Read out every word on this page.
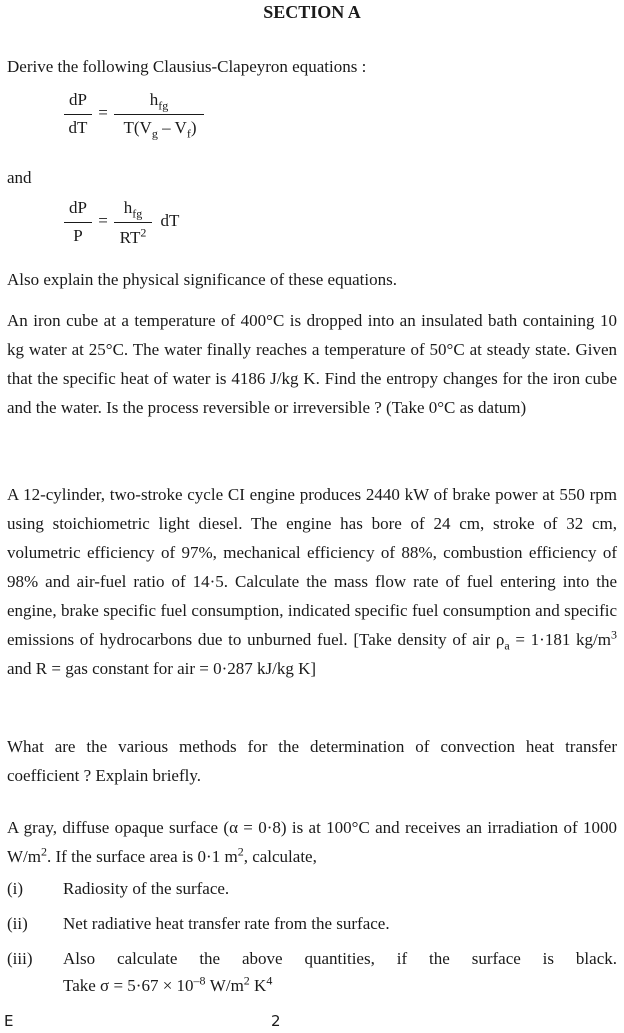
SECTION A

Derive the following Clausius-Clapeyron equations :

dP
dT
=
$h_{fg}$
$T(V_g - V_f)$
and
dP
P
=
$h_{fg}$
$RT^2$
dT

Also explain the physical significance of these equations.

An iron cube at a temperature of 400°C is dropped into an insulated bath containing 10 kg water at 25°C. The water finally reaches a temperature of 50°C at steady state. Given that the specific heat of water is 4186 J/kg K. Find the entropy changes for the iron cube and the water. Is the process reversible or irreversible ? (Take 0°C as datum)

A 12-cylinder, two-stroke cycle CI engine produces 2440 kW of brake power at 550 rpm using stoichiometric light diesel. The engine has bore of 24 cm, stroke of 32 cm, volumetric efficiency of 97%, mechanical efficiency of 88%, combustion efficiency of 98% and air-fuel ratio of 14·5. Calculate the mass flow rate of fuel entering into the engine, brake specific fuel consumption, indicated specific fuel consumption and specific emissions of hydrocarbons due to unburned fuel. [Take density of air $\rho_a = 1\cdot 181$ $kg/m^3$ and R = gas constant for air = 0·287 kJ/kg K]

What are the various methods for the determination of convection heat transfer coefficient ? Explain briefly.

A gray, diffuse opaque surface (α = 0·8) is at 100°C and receives an irradiation of 1000 $W/m^2$. If the surface area is 0·1 $m^2$, calculate,

(i) Radiosity of the surface.
(ii) Net radiative heat transfer rate from the surface.
(iii) Also calculate the above quantities, if the surface is black.
Take $\sigma = 5\cdot 67 \times 10^{-8}$ $W/m^2$ $K^4$
E	2
